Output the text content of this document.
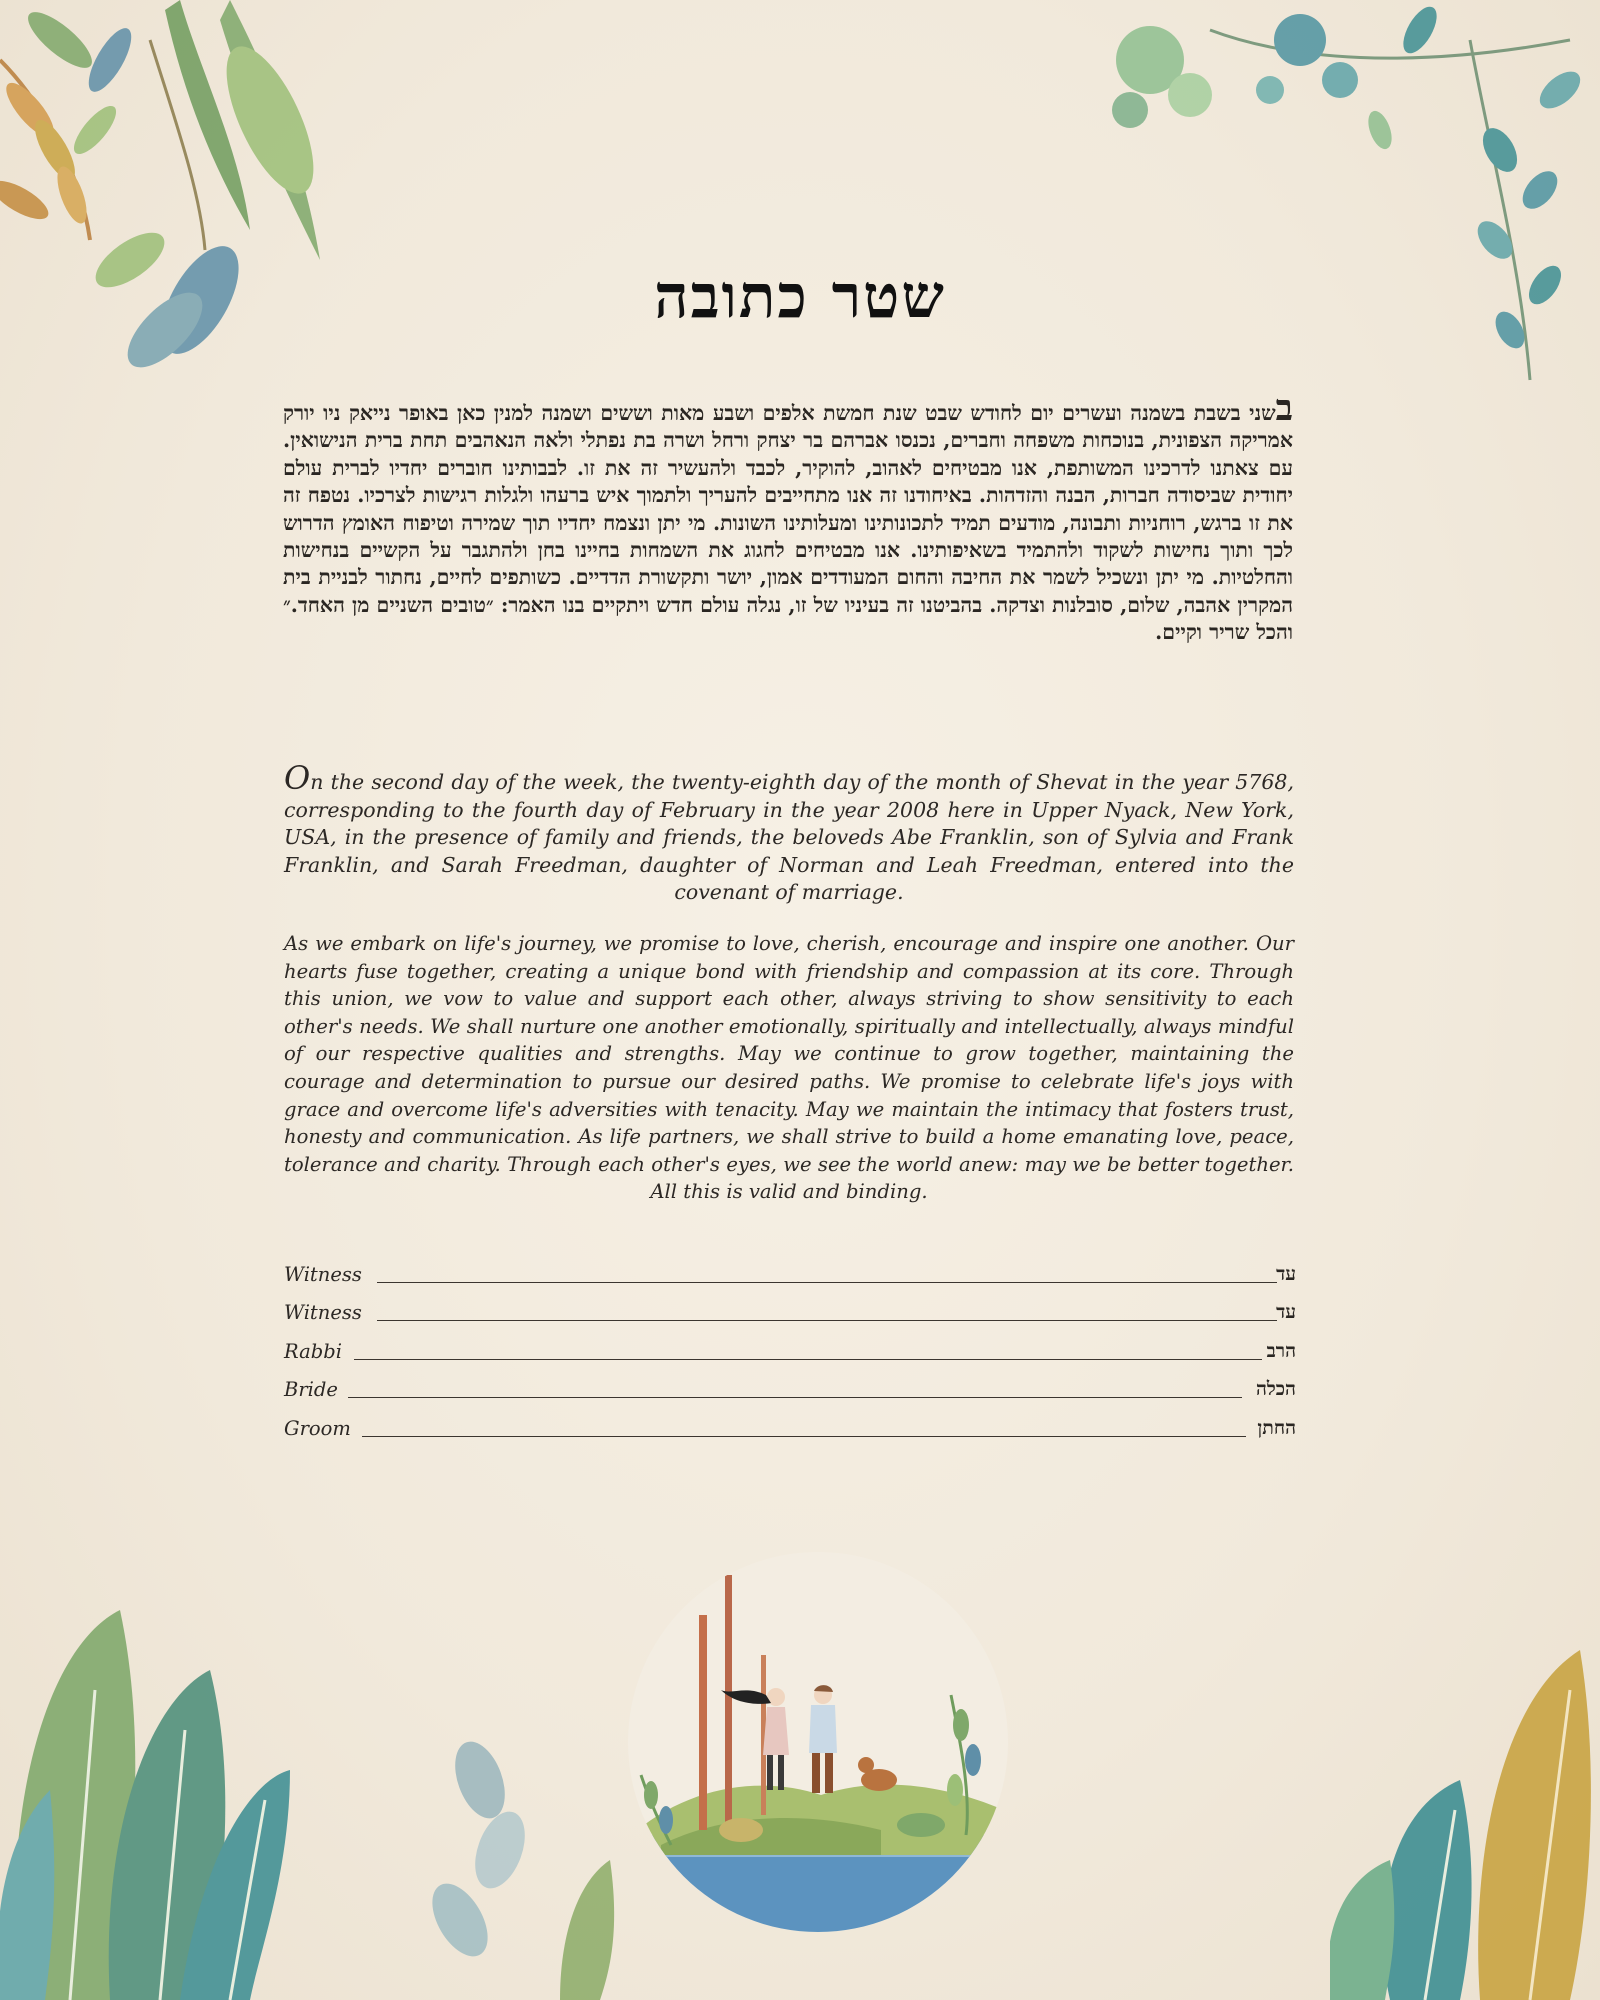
שטר כתובה
בשני בשבת בשמנה ועשרים יום לחודש שבט שנת חמשת אלפים ושבע מאות וששים ושמנה למנין כאן באופר נייאק ניו יורק אמריקה הצפונית, בנוכחות משפחה וחברים, נכנסו אברהם בר יצחק ורחל ושרה בת נפתלי ולאה הנאהבים תחת ברית הנישואין. עם צאתנו לדרכינו המשותפת, אנו מבטיחים לאהוב, להוקיר, לכבד ולהעשיר זה את זו. לבבותינו חוברים יחדיו לברית עולם יחודית שביסודה חברות, הבנה והזדהות. באיחודנו זה אנו מתחייבים להעריך ולתמוך איש ברעהו ולגלות רגישות לצרכיו. נטפח זה את זו ברגש, רוחניות ותבונה, מודעים תמיד לתכונותינו ומעלותינו השונות. מי יתן ונצמח יחדיו תוך שמירה וטיפוח האומץ הדרוש לכך ותוך נחישות לשקוד ולהתמיד בשאיפותינו. אנו מבטיחים לחגוג את השמחות בחיינו בחן ולהתגבר על הקשיים בנחישות והחלטיות. מי יתן ונשכיל לשמר את החיבה והחום המעודדים אמון, יושר ותקשורת הדדיים. כשותפים לחיים, נחתור לבניית בית המקרין אהבה, שלום, סובלנות וצדקה. בהביטנו זה בעיניו של זו, נגלה עולם חדש ויתקיים בנו האמר: ״טובים השניים מן האחד.״ והכל שריר וקיים.
On the second day of the week, the twenty-eighth day of the month of Shevat in the year 5768, corresponding to the fourth day of February in the year 2008 here in Upper Nyack, New York, USA, in the presence of family and friends, the beloveds Abe Franklin, son of Sylvia and Frank Franklin, and Sarah Freedman, daughter of Norman and Leah Freedman, entered into the covenant of marriage.
As we embark on life's journey, we promise to love, cherish, encourage and inspire one another. Our hearts fuse together, creating a unique bond with friendship and compassion at its core. Through this union, we vow to value and support each other, always striving to show sensitivity to each other's needs. We shall nurture one another emotionally, spiritually and intellectually, always mindful of our respective qualities and strengths. May we continue to grow together, maintaining the courage and determination to pursue our desired paths. We promise to celebrate life's joys with grace and overcome life's adversities with tenacity. May we maintain the intimacy that fosters trust, honesty and communication. As life partners, we shall strive to build a home emanating love, peace, tolerance and charity. Through each other's eyes, we see the world anew: may we be better together. All this is valid and binding.
Witness	עד
Witness	עד
Rabbi	הרב
Bride	הכלה
Groom	החתן
